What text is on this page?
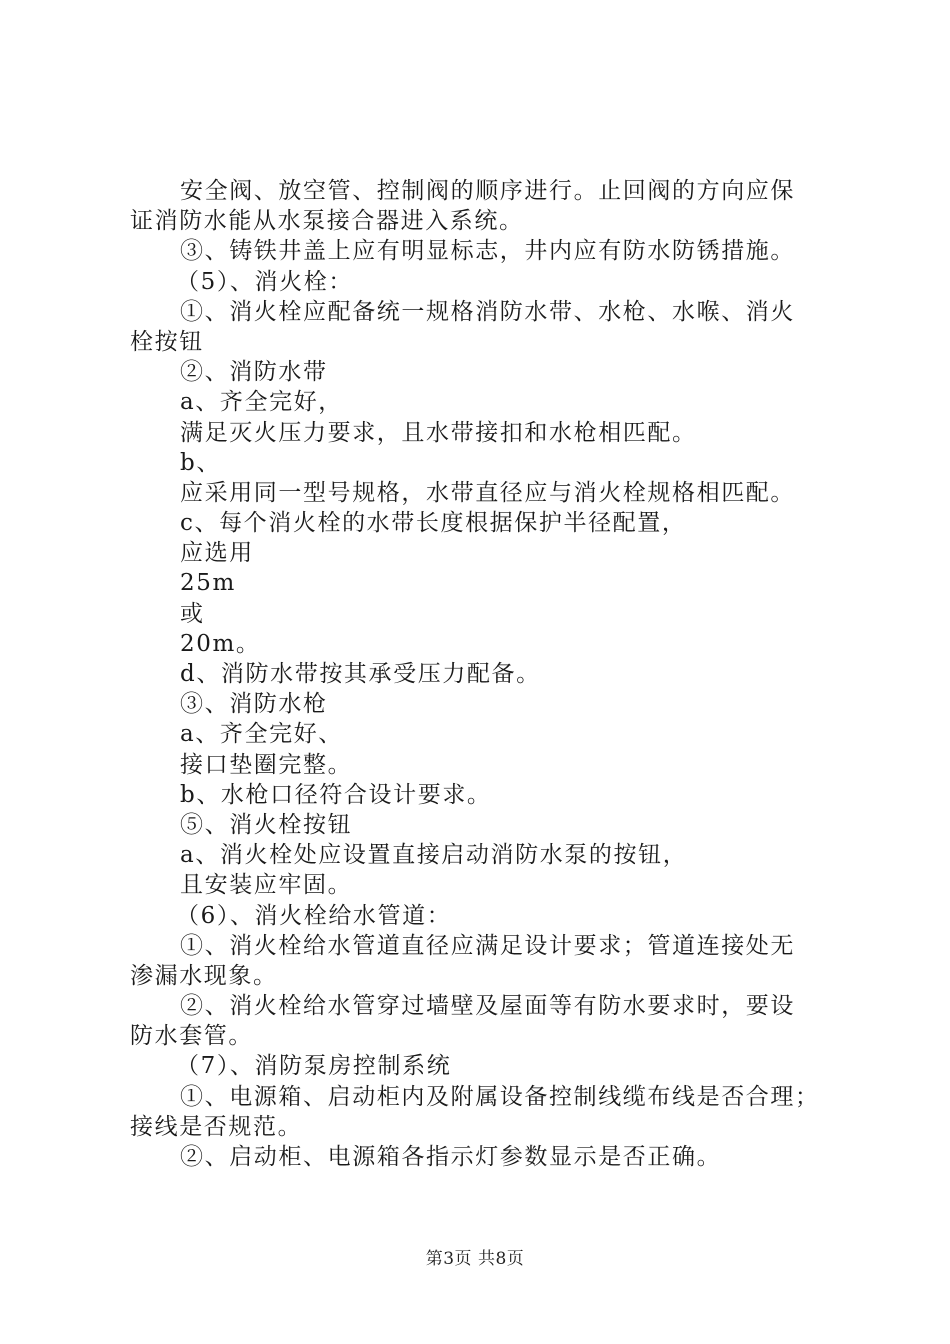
安全阀、放空管、控制阀的顺序进行。止回阀的方向应保
证消防水能从水泵接合器进入系统。
③、铸铁井盖上应有明显标志，井内应有防水防锈措施。
（5）、消火栓：
①、消火栓应配备统一规格消防水带、水枪、水喉、消火
栓按钮
②、消防水带
a、齐全完好，
满足灭火压力要求，且水带接扣和水枪相匹配。
b、
应采用同一型号规格，水带直径应与消火栓规格相匹配。
c、每个消火栓的水带长度根据保护半径配置，
应选用
25m
或
20m。
d、消防水带按其承受压力配备。
③、消防水枪
a、齐全完好、
接口垫圈完整。
b、水枪口径符合设计要求。
⑤、消火栓按钮
a、消火栓处应设置直接启动消防水泵的按钮，
且安装应牢固。
（6）、消火栓给水管道：
①、消火栓给水管道直径应满足设计要求；管道连接处无
渗漏水现象。
②、消火栓给水管穿过墙壁及屋面等有防水要求时，要设
防水套管。
（7）、消防泵房控制系统
①、电源箱、启动柜内及附属设备控制线缆布线是否合理；
接线是否规范。
②、启动柜、电源箱各指示灯参数显示是否正确。
第3页 共8页
